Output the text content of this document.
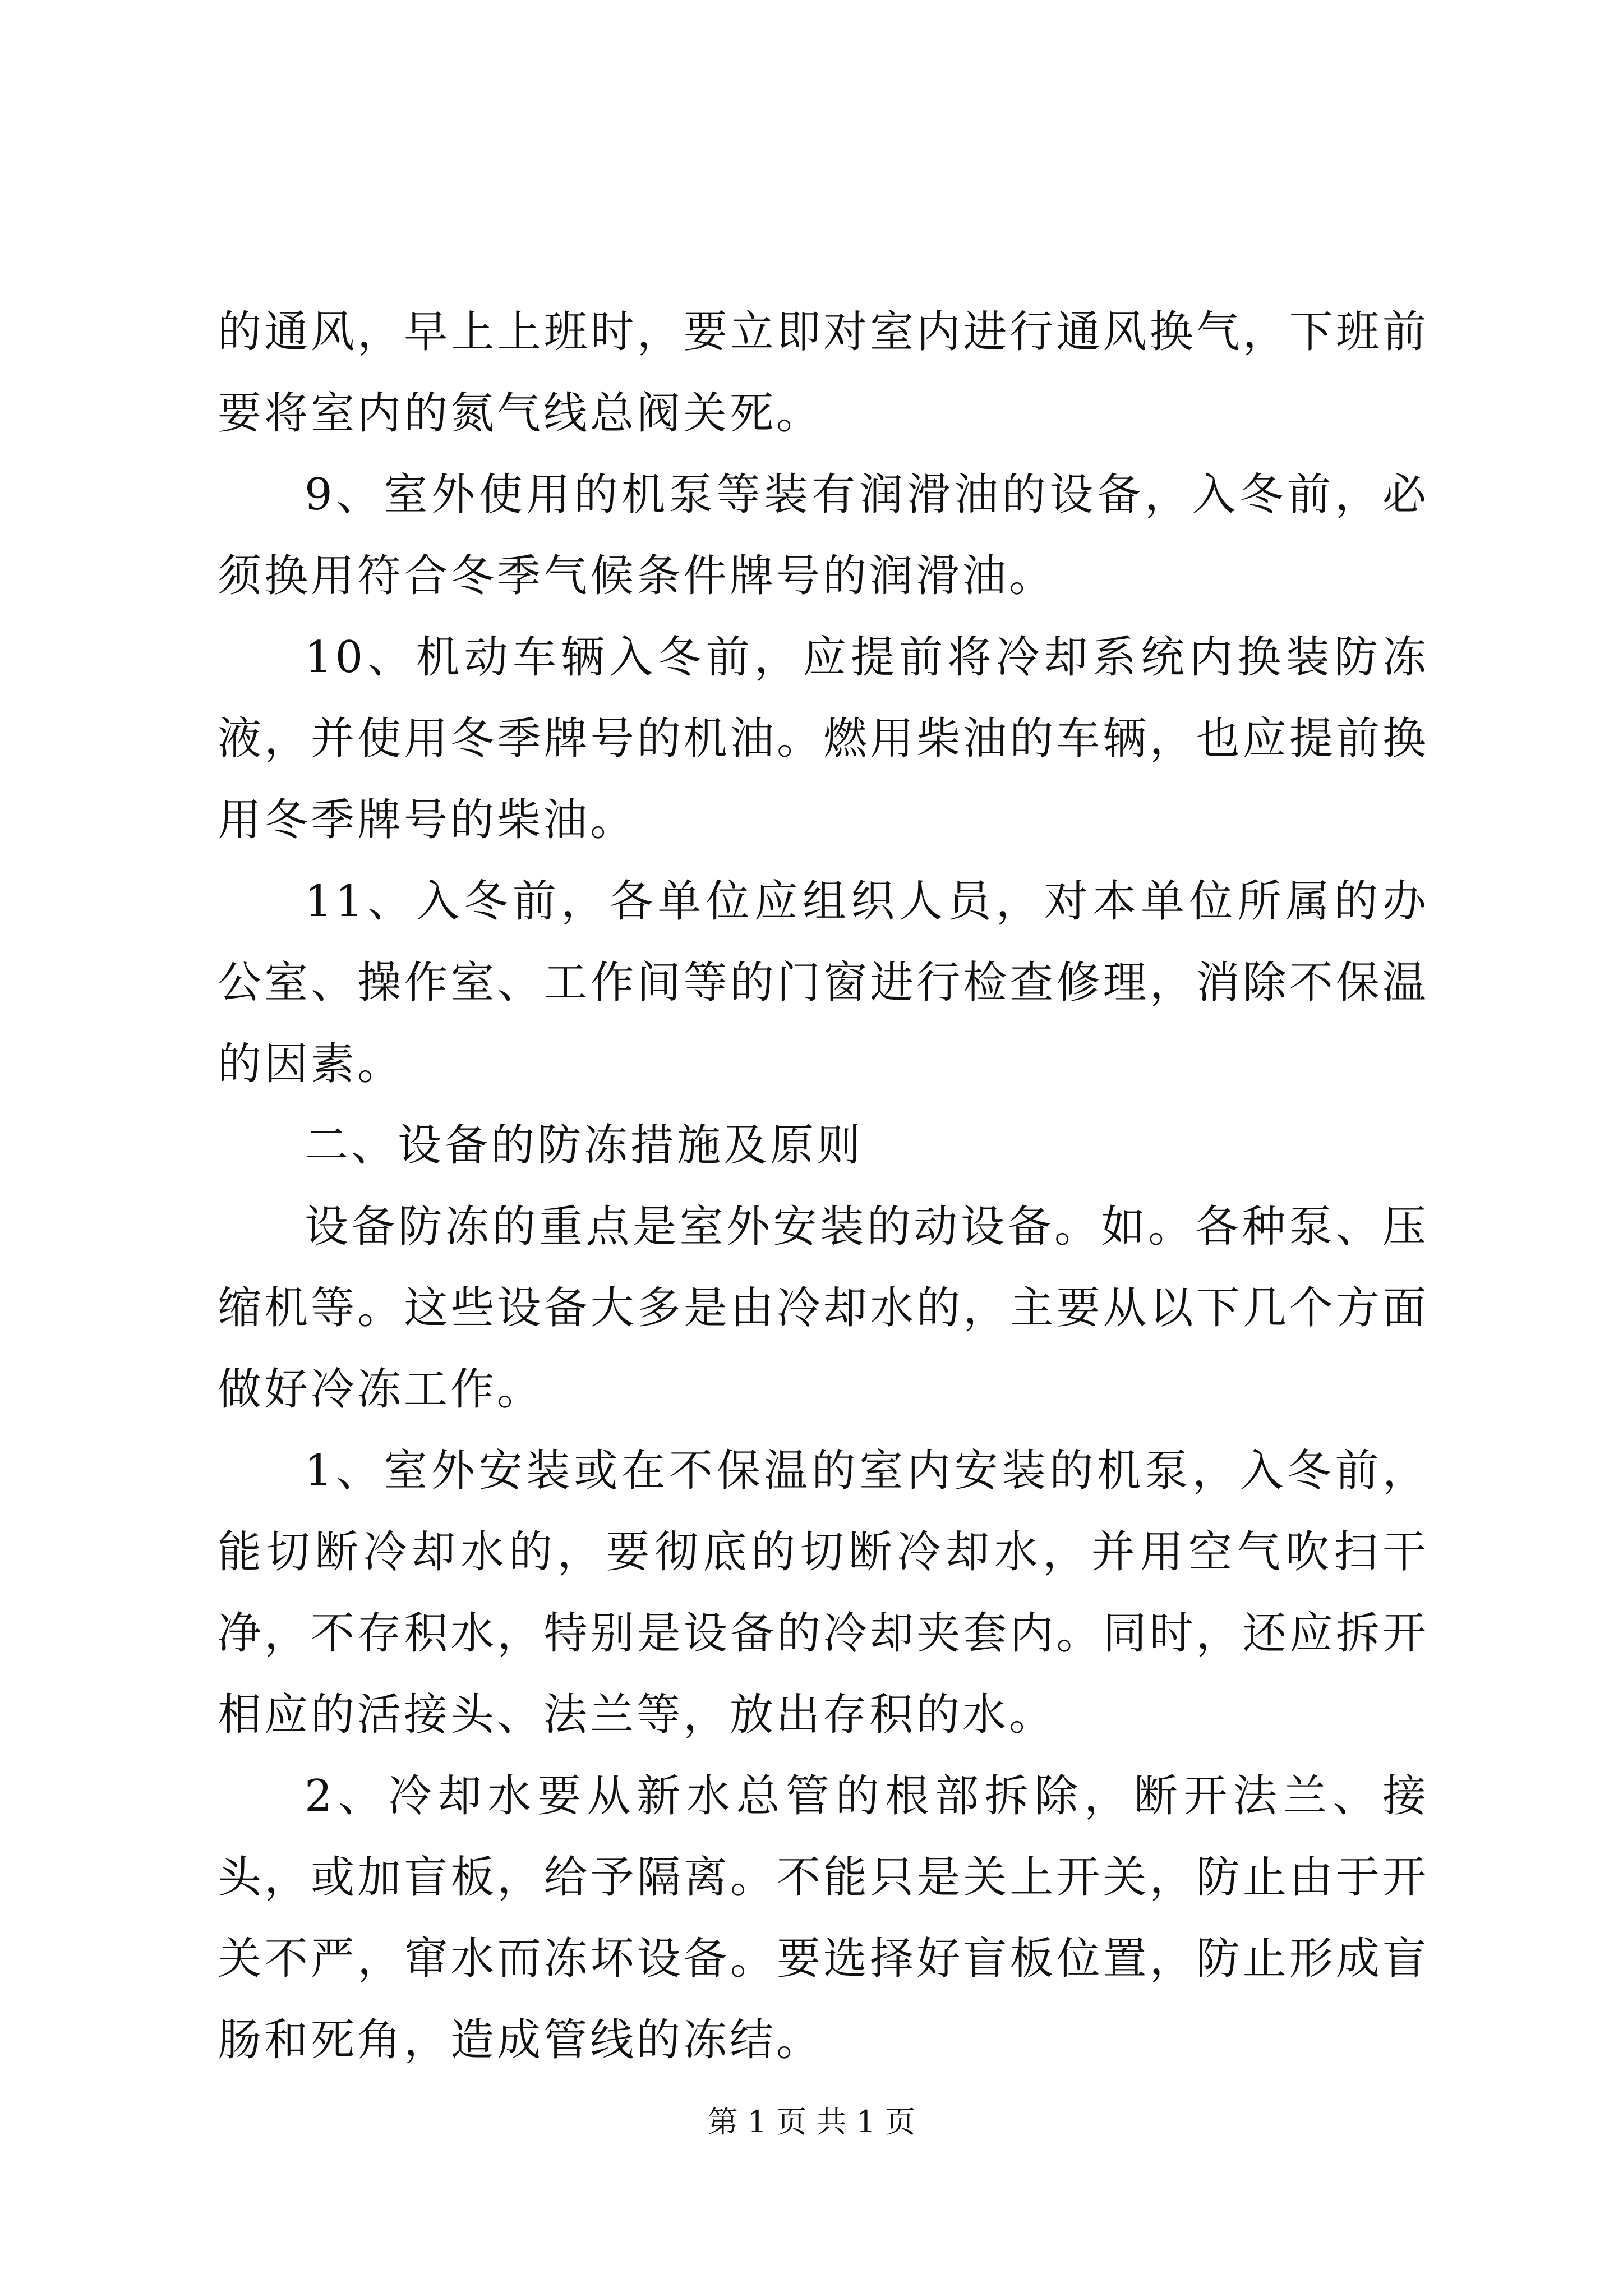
的通风，早上上班时，要立即对室内进行通风换气，下班前要将室内的氮气线总阀关死。

9、室外使用的机泵等装有润滑油的设备，入冬前，必须换用符合冬季气候条件牌号的润滑油。

10、机动车辆入冬前，应提前将冷却系统内换装防冻液，并使用冬季牌号的机油。燃用柴油的车辆，也应提前换用冬季牌号的柴油。

11、入冬前，各单位应组织人员，对本单位所属的办公室、操作室、工作间等的门窗进行检查修理，消除不保温的因素。

二、设备的防冻措施及原则

设备防冻的重点是室外安装的动设备。如。各种泵、压缩机等。这些设备大多是由冷却水的，主要从以下几个方面做好冷冻工作。

1、室外安装或在不保温的室内安装的机泵，入冬前，能切断冷却水的，要彻底的切断冷却水，并用空气吹扫干净，不存积水，特别是设备的冷却夹套内。同时，还应拆开相应的活接头、法兰等，放出存积的水。

2、冷却水要从新水总管的根部拆除，断开法兰、接头，或加盲板，给予隔离。不能只是关上开关，防止由于开关不严，窜水而冻坏设备。要选择好盲板位置，防止形成盲肠和死角，造成管线的冻结。

第 1 页 共 1 页
